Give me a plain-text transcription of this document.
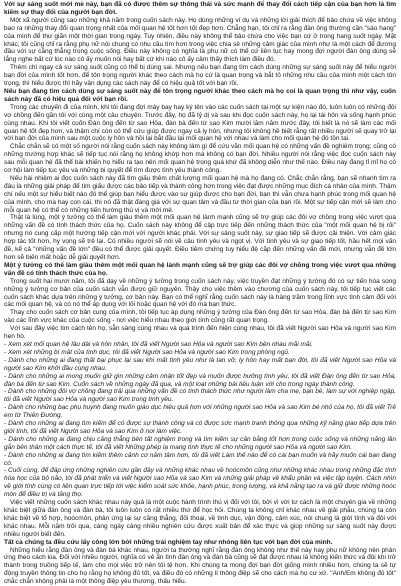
Với sự sáng suốt mới mẻ này, bạn đã có được thêm sự thông thái và sức mạnh để thay đổi cách tiếp cận của bạn hơn là tìm kiếm sự thay đổi của người bạn đời.

Một xã người cũng sao những khả năm trong cuốn sách này. Họ dùng những ví dụ và những lời giải thích để bảo chứa về việc không bao ra những thay đổi quan trọng nhất của mối quan hệ tốt hơn tốt đẹp hơn. Chẳng hạn, tôi chỉ ra rằng đàn ông thường cần "sáo hang" của mình để thư giãn một thời gian trong ngày. Tuy nhiên, điều này không thể bảo chứa cho việc bạn cứ ở trong hang suốt ngày. Mặt khác, tôi cũng chỉ ra rằng phụ nữ nói chung có nhu cầu tìm hơn trong việc chia sẻ những cảm giác của mình như là một cách để đương đầu với sự căng thẳng trong cuộc sống. Điều này không có nghĩa là phụ nữ có thể cứ liên tục hay mong đợi người đàn ông dùng sẽ lắng nghe bất cứ lúc nào cô ấy muốn nói hay bất cứ khi nào cô ấy cảm thấy thích làm điều đó.

Thêm chí ngay cả sự sáng suốt cũng có thể bị dùng sai. Nhưng nếu bạn đang tìm cách dùng những sự sáng suốt này để hiểu người bạn đời của mình tốt hơn, để tôn trọng người khác theo cách mà họ cứ là quan trọng và bắt tỏ những nhu cầu của mình một cách tôn trọng, thì hiểu được thì hãy vận dụng các sách này để có hiệu quả tốt với bạn rồi.

Nếu bạn đang tìm cách dùng sự sáng suốt này để tôn trọng người khác theo cách mà họ coi là quan trọng thì như vậy, cuốn sách này đã có hiệu quả đối với bạn rồi.

Trong các chuyến đi của mình, khi tôi đang đợi máy bay hay ký tên vào các cuốn sách tại một sự kiện nào đó, luôn luôn có những đôi vợ chồng đến gần tôi với cùng một câu chuyện. Trước đây, họ đã tỷ dị và sau khi đọc cuốn sách này, họ lại tái hôn và sống hạnh phúc cùng nhau. Khi tôi viết cuốn Đàn ông đến từ sao Hỏa, đàn bà đến từ sao Kim mười lăm năm trước đây, tôi biết là nó sẽ làm các mối quan hệ tốt đẹp hơn, và thậm chí còn có thể cứu giúp được ngay cả ly hôn, nhưng tôi không hề biết rằng rất nhiều người sẽ quay trở lại với bạn đời của mình sau một cuộc ly hôn và hồi lại bắt đầu lại mối quan hệ với nhau và làm cho mối quan hệ đó tồn tại.

Chắc chắn sẽ có một số người nói rằng cuốn sách này không làm gì để cứu vãn mối quan hệ có những vấn đề nghiêm trọng; cũng có những trường hợp khác sẽ tiếp tục nói rằng họ không khớp hơn mà không có bạn đời. Nhiều người nói rằng việc đọc cuốn sách này sau mỗi quan hệ đã thể bài khiến họ hiểu ra tạo nên mối quan hệ trong quá khứ đã không diễn như thế nào. Điều này đang tỉ mỉ họ có cơ hội làm tiếp tục yêu và những bi quyết để tìm được tình yêu thành công.

Nếu hài nhiệm ai đọc cuốn sách này đã tìm giấu thêm chất lượng mối quan hệ mà họ đang có. Chắc chắn rằng, bạn sẽ nhanh tìm ra đâu là những giải pháp để tìm giấu được các bảo tiếp và thành công hơn trong việc đạt được những mục đích cá nhân của mình. Thậm chí nếu một sự hiểu biết nào đó thể giúp bạn hiểu được vào sự giúp được cho bạn đời, bạn thì vẫn chưa hạnh phúc trong mối quan hệ của mình, cho mà hay con cái, thì nó đã thật đáng giá với sự quan tâm và đầu tư thời gian của bạn rồi. Một sự tiếp cận mới sẽ làm cho mỗi quan hệ có thể có những tiến hướng thú vị và mới mẻ.

Thật là lùng, một ý tưởng có thể làm giàu thêm một mối quan hệ lành mạnh cũng sẽ trợ giúp các đôi vợ chồng trong việc vượt qua những vấn đề có tính thách thức của họ. Cuốn sách này không để cập trực tiếp đến những thách thức của "một mối quan hệ bị rối" nhưng nó cung cấp một hướng tiếp cận mới với người khác phái. Với sự sáng suốt này, sự giao tiếp sẽ được cải thiện. Với cảm giác hợp tác tốt hơn, hy vọng sẽ trẻ lại. Có nhiều người sẽ nói về câu tính yêu và ngọt vị. Với tình yêu và sự giao tiếp tốt, hầu hết mọi vấn đề, kể cả "những vấn đề lớn" đều có thể được giải quyết. Điều tiêm chứng tuy hiểu đệ cặp đến những vấn đề mới, nhưng vẫn đề lớn hơn sẽ biến mất hoặc dễ giải quyết hơn.

Một ý tưởng có thể làm giàu thêm một mối quan hệ lành mạnh cũng sẽ trợ giúp các đôi vợ chồng trong việc vượt qua những vấn đề có tính thách thức của họ.

Trong suốt hai mươi năm, tôi đã dạy về những ý tưởng trong cuốn sách này, việc truyền đạt những ý tưởng đó có sự tiến hóa song những ý tưởng cơ bản của cuốn sách vẫn được giữ nguyên. Thậy cho việc thêm vào chương của cuốn sách này, tôi tiếp tục viết các cuốn sách khác dựa trên những ý tưởng, cơ bản này. Bạn có thể nghĩ rằng cuốn sách này là hàng trăm trong lĩnh vực tình cảm đối với các mối quan hệ, và có nó thể áp dụng với lối hoặc quan hệ với đó mà bạn thức.

Thay cho cuốn sách cơ bản cung của mình, tôi tiếp tục áp dụng những ý tưởng của Đàn ông đến từ sao Hỏa, đàn bà đến từ sao Kim vào các lĩnh vực khác của cuộc sống - nơi việc hiểu nhau theo giới tính cũng rất quan trọng.

Với sau đây việc tìm cách tên họ, sẵn sàng cùng nhau và quá trình đến hiện cùng nhau, tôi đã viết Người sao Hỏa và người sao Kim hẹn hò.

- Xem xét mối quan hệ lâu dài và hôn nhân, tôi đã viết Người sao Hỏa và người sao Kim bên nhau mãi mãi.

- Xem xét những bí mật của tình dục, tôi đã viết Người sao Hỏa và người sao Kim trong phòng ngủ.

- Dành cho những ai đang thất bại phục lại sau khi mất tình yêu như là tan vỡ, ly hôn hay mất bạn đời, tôi đã viết Người sao Hỏa và người sao Kim khởi đầu cùng nhau.

- Dành cho những ai mong muốn giữ gìn những cảm nhận tốt đẹp và muốn được hưởng tình yêu, tôi đã viết Đàn ông đến từ sao Hỏa, đàn bà đến từ sao Kim. Cuốn sách về những ngày đã qua, và một loạt những bài tiêu luận với cho trong ngày thành công.

- Dành cho những đôi vợ chồng đang trải qua những vấn đề có tính thách thức như người làm cha mẹ, bạn bè, làm sự với nghiệp ngập, tôi đã viết Người sao Hỏa và người sao Kim trong tình yêu.

- Dành cho những bạc phụ huynh đang muốn giáo dục hiệu quả hơn với những người sao Hỏa và sao Kim bé nhỏ của họ, tôi đã viết Trẻ em từ Thiên Đường.

- Dành cho những ai đang tìm kiếm để có được sự thành công và có được sức mạnh tranh thông qua những kỹ năng giao tiếp dựa trên giới tính, tôi đã viết Người sao Hỏa và sao Kim ở nơi làm việc.

- Dành cho những ai đang chịu căng thẳng bên tất nghiệm trong và tìm kiếm sự cân bằng tốt hơn trong cuộc sống và những năng lần gắn bên thân một cách thực tế, tôi đã viết Những phép lạ mang tính thực tế cho những người sao Hỏa và người sao Kim.

- Dành cho những ai đang tìm kiếm thêm cảnh cơ năm tâm hơn, tôi đã viết Làm thế nào để có cái bạn muốn và hãy muốn cái bạn đang có.

- Cuối cùng, để đáp ứng những nghiên cứu gần đây và những khác nhau về hoócmôn cũng như những khác nhau trong những đặc tính hóa học của bộ não, tôi đã phát triển và viết Người sao Hỏa và sao Kim và những giải pháp về khẩu phần và việc tập luyện. Cách nhìn về giới tính cùng có liên quan trực tiếp tới việc kiểm soát sức khỏe, hạnh phúc, trong lượng, và khả năng tạo ra và giữ được những hoóc môn để điều trị và tăng thọ.

Việc viết những cuốn sách khác nhau này quả là một cuộc hành trình thú vị đối với tôi, bởi vì với tư cách là một chuyên gia về những khác biệt giữa đàn ông và đàn bà, tôi luôn luôn có rất nhiều thứ để học hỏi. Chúng ta không chỉ khác nhau về giải phẫu, chúng ta còn khác biệt về tổ hợp, hoócmôn, phản ứng lại sự căng thẳng, đối thoại, về tình dục, vận động, cảm xúc, nói chung là giới tính và đôi với khác nhau. Mỗi năm trôi qua, càng ngày càng nhiều nghiên cứu được xuất bản để xác thực và giúp những sự sáng suốt này được nhiều người biết đến.

Tất cả chúng ta đều cứu lấy công lớn bởi những trải nghiệm tay như nhóng liên tục với bạn đời của mình.

Những hiểu rằng đàn ông và đàn bà khác nhau, người ta thường nghĩ rằng đàn ông không như thế này hay phụ nữ không nên phản ứng theo cách kia. Đối với nhiều người, nghĩa có vẻ ấn tình đàn ông và đàn bà cũng sẽ đạt được nhau là không kiến thức và đôi khi trở thành trong truồng tiếp tế, làm cho mọi việc trở nên tôi tệ hơn. Khi chúng ta mong đợi bạn đời giống mình nhiều hơn, chúng ta sẽ tự động truyền thông tin cho họ rằng họ không đủ tốt, và điều đó có những lí thông điệp sẽ cho cách mà họ cư xử. "Anh/Em không đủ tốt" chắc chắn không phải là một thông điệp yêu thương, thấu hiểu.
